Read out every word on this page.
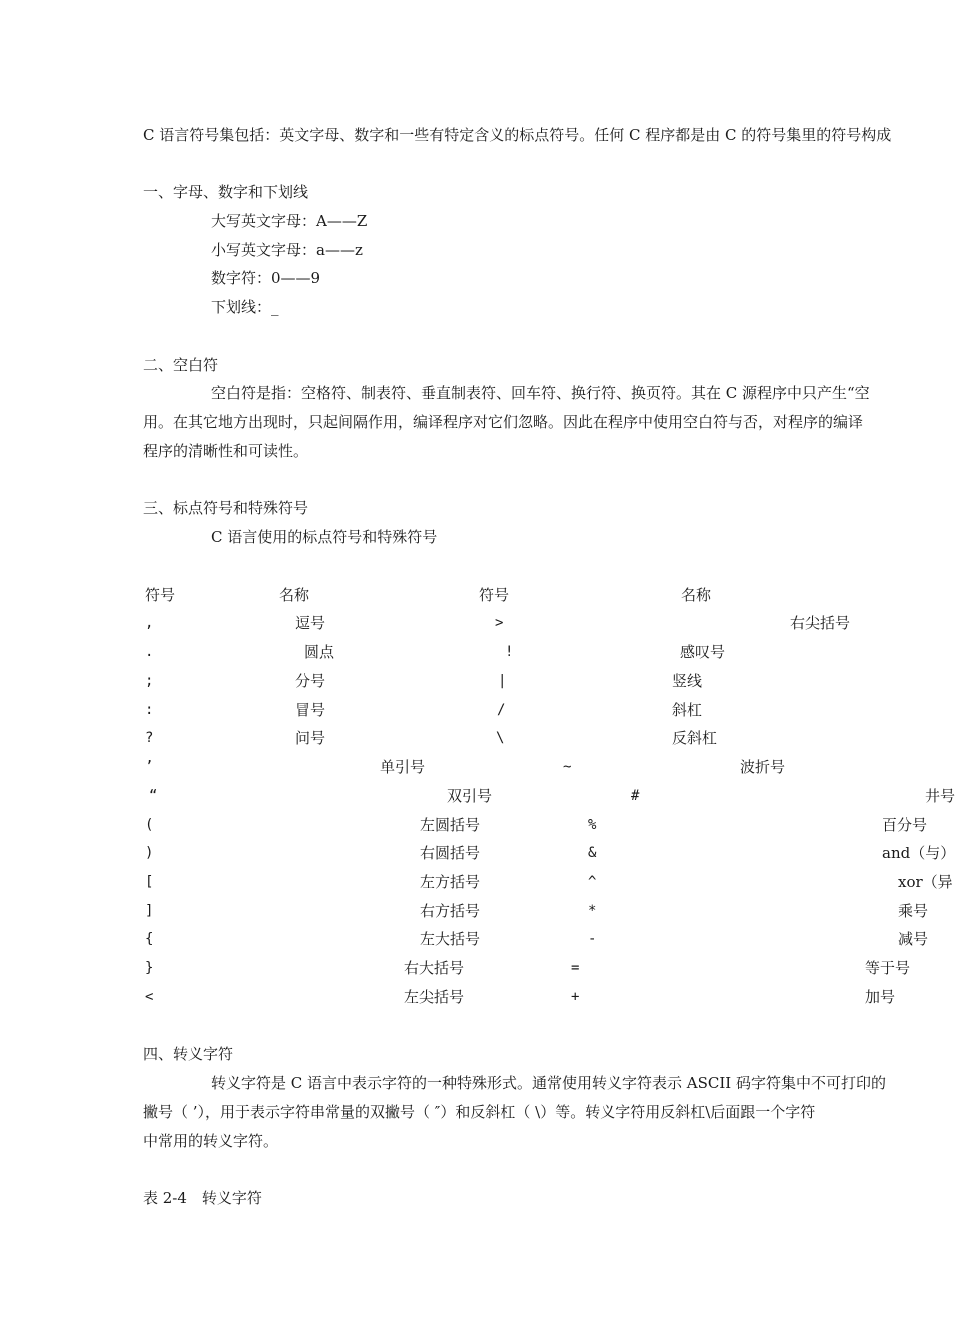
C 语言符号集包括：英文字母、数字和一些有特定含义的标点符号。任何 C 程序都是由 C 的符号集里的符号构成
一、字母、数字和下划线
大写英文字母：A——Z
小写英文字母：a——z
数字符：0——9
下划线：_
二、空白符
空白符是指：空格符、制表符、垂直制表符、回车符、换行符、换页符。其在 C 源程序中只产生“空
用。在其它地方出现时，只起间隔作用，编译程序对它们忽略。因此在程序中使用空白符与否，对程序的编译
程序的清晰性和可读性。
三、标点符号和特殊符号
C 语言使用的标点符号和特殊符号
符号	名称	符号	名称
,	逗号	>	右尖括号
.	圆点	!	感叹号
;	分号	|	竖线
:	冒号	/	斜杠
?	问号	\	反斜杠
’	单引号	~	波折号
“	双引号	#	井号
(	左圆括号	%	百分号
)	右圆括号	&	and（与）
[	左方括号	^	xor（异
]	右方括号	*	乘号
{	左大括号	-	减号
}	右大括号	=	等于号
<	左尖括号	+	加号
四、转义字符
转义字符是 C 语言中表示字符的一种特殊形式。通常使用转义字符表示 ASCII 码字符集中不可打印的
撇号（ ’），用于表示字符串常量的双撇号（ ″）和反斜杠（ \）等。转义字符用反斜杠\后面跟一个字符
中常用的转义字符。
表 2-4　转义字符
